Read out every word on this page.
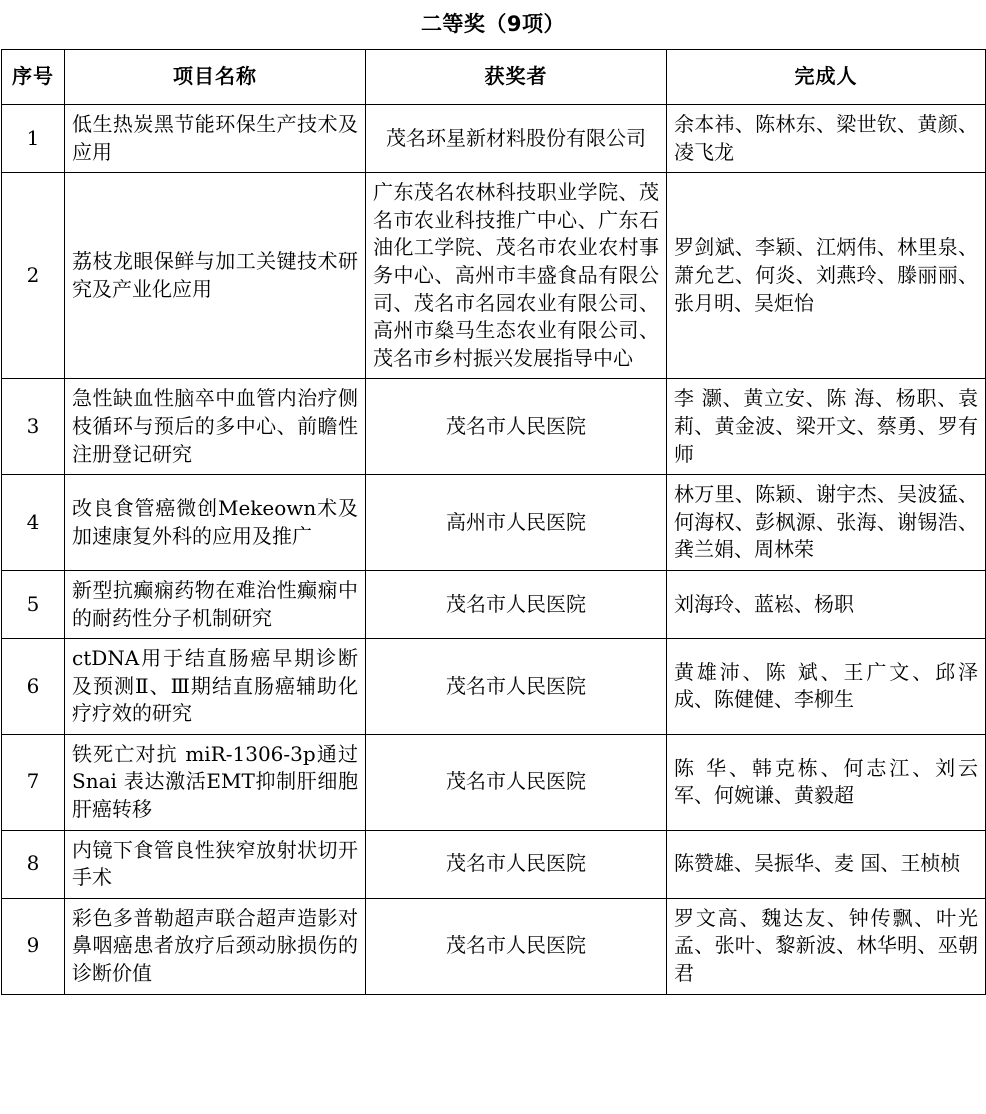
二等奖（9项）
序号	项目名称	获奖者	完成人
1	低生热炭黑节能环保生产技术及应用	茂名环星新材料股份有限公司	余本祎、陈林东、梁世钦、黄颜、凌飞龙
2	荔枝龙眼保鲜与加工关键技术研究及产业化应用	广东茂名农林科技职业学院、茂名市农业科技推广中心、广东石油化工学院、茂名市农业农村事务中心、高州市丰盛食品有限公司、茂名市名园农业有限公司、高州市燊马生态农业有限公司、茂名市乡村振兴发展指导中心	罗剑斌、李颖、江炳伟、林里泉、萧允艺、何炎、刘燕玲、滕丽丽、张月明、吴炬怡
3	急性缺血性脑卒中血管内治疗侧枝循环与预后的多中心、前瞻性注册登记研究	茂名市人民医院	李 灏、黄立安、陈 海、杨职、袁莉、黄金波、梁开文、蔡勇、罗有师
4	改良食管癌微创Mekeown术及加速康复外科的应用及推广	高州市人民医院	林万里、陈颖、谢宇杰、吴波猛、何海权、彭枫源、张海、谢锡浩、龚兰娟、周林荣
5	新型抗癫痫药物在难治性癫痫中的耐药性分子机制研究	茂名市人民医院	刘海玲、蓝崧、杨职
6	ctDNA用于结直肠癌早期诊断及预测Ⅱ、Ⅲ期结直肠癌辅助化疗疗效的研究	茂名市人民医院	黄雄沛、陈 斌、王广文、邱泽成、陈健健、李柳生
7	铁死亡对抗 miR-1306-3p通过 Snai 表达激活EMT抑制肝细胞肝癌转移	茂名市人民医院	陈 华、韩克栋、何志江、刘云军、何婉谦、黄毅超
8	内镜下食管良性狭窄放射状切开手术	茂名市人民医院	陈赞雄、吴振华、麦 国、王桢桢
9	彩色多普勒超声联合超声造影对鼻咽癌患者放疗后颈动脉损伤的诊断价值	茂名市人民医院	罗文高、魏达友、钟传飘、叶光孟、张叶、黎新波、林华明、巫朝君
